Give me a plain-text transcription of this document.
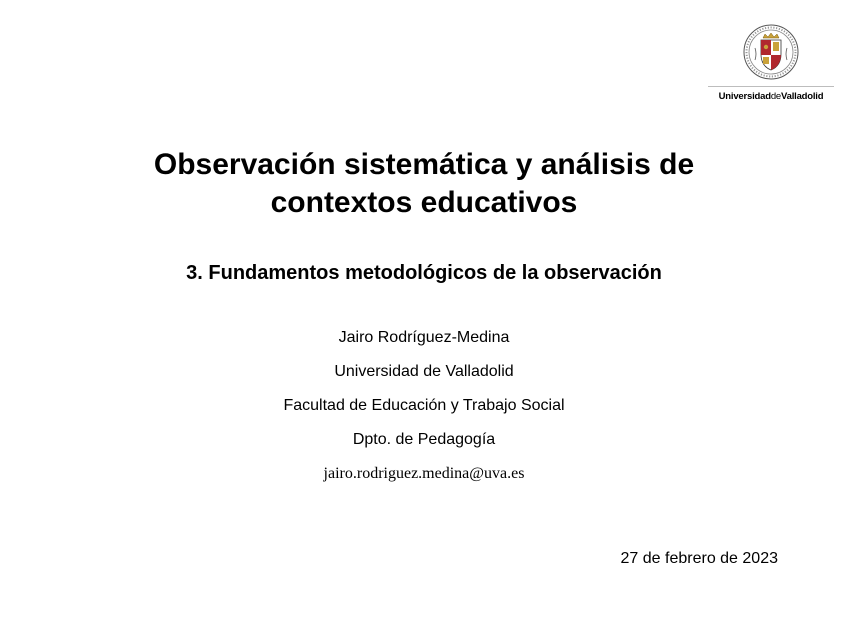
UniversidaddeValladolid
Observación sistemática y análisis de
contextos educativos
3. Fundamentos metodológicos de la observación
Jairo Rodríguez-Medina
Universidad de Valladolid
Facultad de Educación y Trabajo Social
Dpto. de Pedagogía
jairo.rodriguez.medina@uva.es
27 de febrero de 2023
